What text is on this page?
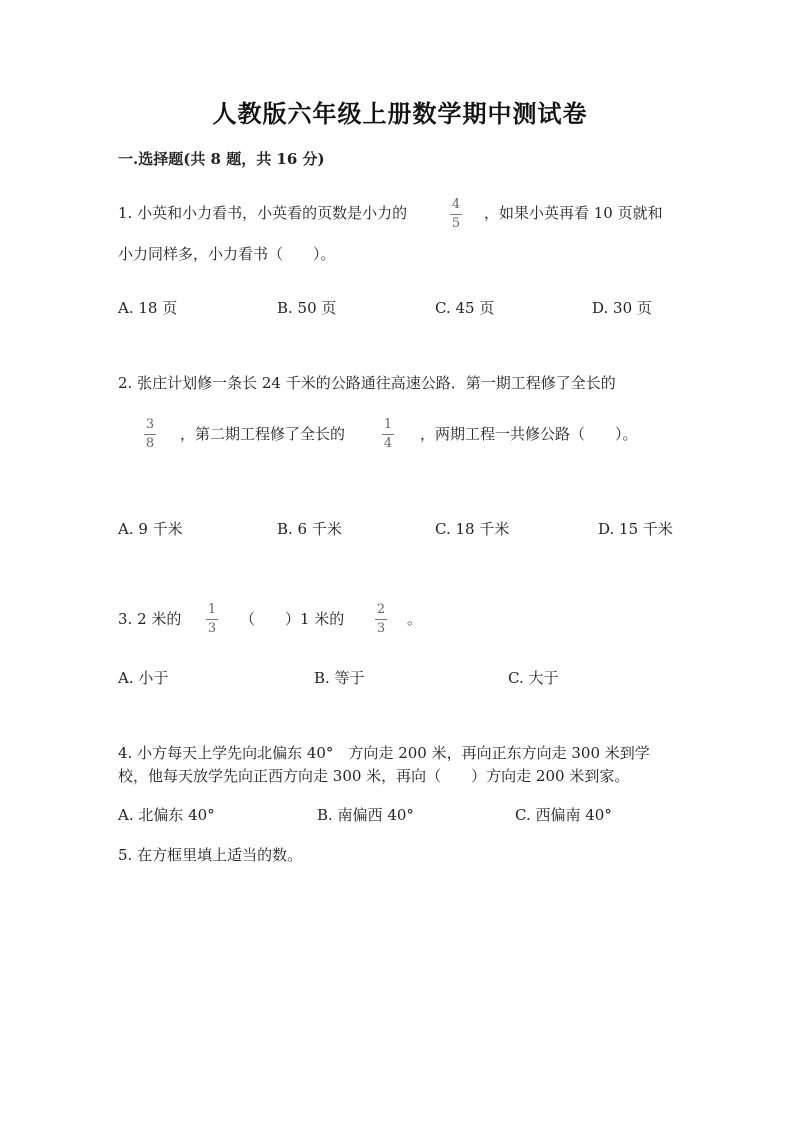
人教版六年级上册数学期中测试卷
一.选择题(共 8 题，共 16 分)
1. 小英和小力看书，小英看的页数是小力的	4
5
，如果小英再看 10 页就和
小力同样多，小力看书（　　）。
A. 18 页	B. 50 页	C. 45 页	D. 30 页
2. 张庄计划修一条长 24 千米的公路通往高速公路．第一期工程修了全长的
3
8
，第二期工程修了全长的
1
4
，两期工程一共修公路（　　）。
A. 9 千米	B. 6 千米	C. 18 千米	D. 15 千米
3. 2 米的
1
3
（　　）1 米的
2
3
。
A. 小于	B. 等于	C. 大于
4. 小方每天上学先向北偏东 40°　方向走 200 米，再向正东方向走 300 米到学
校，他每天放学先向正西方向走 300 米，再向（　　）方向走 200 米到家。
A. 北偏东 40°	B. 南偏西 40°	C. 西偏南 40°
5. 在方框里填上适当的数。
